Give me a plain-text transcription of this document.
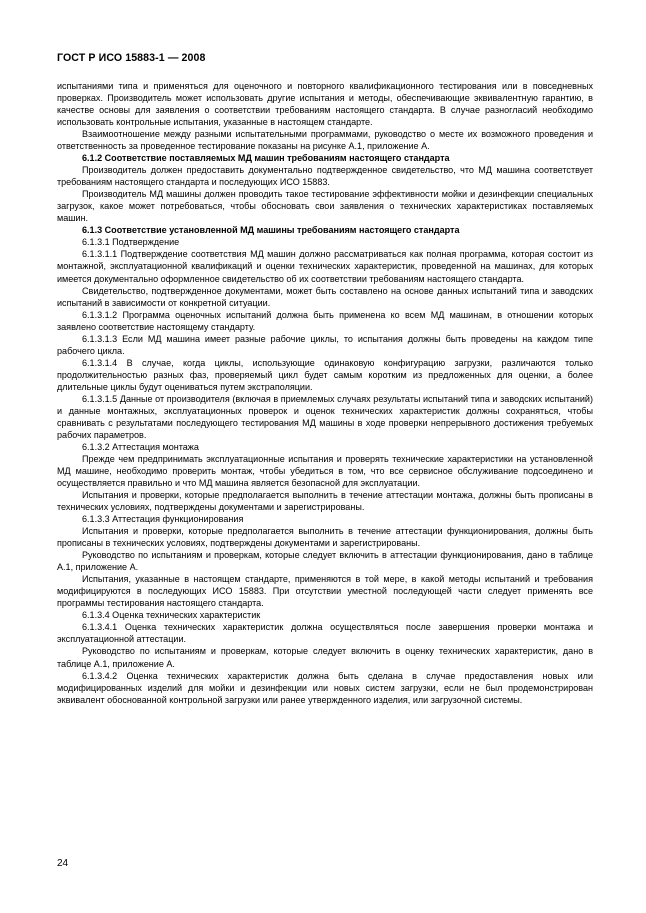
ГОСТ Р ИСО 15883-1 — 2008

испытаниями типа и применяться для оценочного и повторного квалификационного тестирования или в повседневных проверках. Производитель может использовать другие испытания и методы, обеспечивающие эквивалентную гарантию, в качестве основы для заявления о соответствии требованиям настоящего стандарта. В случае разногласий необходимо использовать контрольные испытания, указанные в настоящем стандарте.

Взаимоотношение между разными испытательными программами, руководство о месте их возможного проведения и ответственность за проведенное тестирование показаны на рисунке А.1, приложение А.

6.1.2 Соответствие поставляемых МД машин требованиям настоящего стандарта

Производитель должен предоставить документально подтвержденное свидетельство, что МД машина соответствует требованиям настоящего стандарта и последующих ИСО 15883.

Производитель МД машины должен проводить такое тестирование эффективности мойки и дезинфекции специальных загрузок, какое может потребоваться, чтобы обосновать свои заявления о технических характеристиках поставляемых машин.

6.1.3 Соответствие установленной МД машины требованиям настоящего стандарта

6.1.3.1 Подтверждение

6.1.3.1.1 Подтверждение соответствия МД машин должно рассматриваться как полная программа, которая состоит из монтажной, эксплуатационной квалификаций и оценки технических характеристик, проведенной на машинах, для которых имеется документально оформленное свидетельство об их соответствии требованиям настоящего стандарта.

Свидетельство, подтвержденное документами, может быть составлено на основе данных испытаний типа и заводских испытаний в зависимости от конкретной ситуации.

6.1.3.1.2 Программа оценочных испытаний должна быть применена ко всем МД машинам, в отношении которых заявлено соответствие настоящему стандарту.

6.1.3.1.3 Если МД машина имеет разные рабочие циклы, то испытания должны быть проведены на каждом типе рабочего цикла.

6.1.3.1.4 В случае, когда циклы, использующие одинаковую конфигурацию загрузки, различаются только продолжительностью разных фаз, проверяемый цикл будет самым коротким из предложенных для оценки, а более длительные циклы будут оцениваться путем экстраполяции.

6.1.3.1.5 Данные от производителя (включая в приемлемых случаях результаты испытаний типа и заводских испытаний) и данные монтажных, эксплуатационных проверок и оценок технических характеристик должны сохраняться, чтобы сравнивать с результатами последующего тестирования МД машины в ходе проверки непрерывного достижения требуемых рабочих параметров.

6.1.3.2 Аттестация монтажа

Прежде чем предпринимать эксплуатационные испытания и проверять технические характеристики на установленной МД машине, необходимо проверить монтаж, чтобы убедиться в том, что все сервисное обслуживание подсоединено и осуществляется правильно и что МД машина является безопасной для эксплуатации.

Испытания и проверки, которые предполагается выполнить в течение аттестации монтажа, должны быть прописаны в технических условиях, подтверждены документами и зарегистрированы.

6.1.3.3 Аттестация функционирования

Испытания и проверки, которые предполагается выполнить в течение аттестации функционирования, должны быть прописаны в технических условиях, подтверждены документами и зарегистрированы.

Руководство по испытаниям и проверкам, которые следует включить в аттестации функционирования, дано в таблице А.1, приложение А.

Испытания, указанные в настоящем стандарте, применяются в той мере, в какой методы испытаний и требования модифицируются в последующих ИСО 15883. При отсутствии уместной последующей части следует применять все программы тестирования настоящего стандарта.

6.1.3.4 Оценка технических характеристик

6.1.3.4.1 Оценка технических характеристик должна осуществляться после завершения проверки монтажа и эксплуатационной аттестации.

Руководство по испытаниям и проверкам, которые следует включить в оценку технических характеристик, дано в таблице А.1, приложение А.

6.1.3.4.2 Оценка технических характеристик должна быть сделана в случае предоставления новых или модифицированных изделий для мойки и дезинфекции или новых систем загрузки, если не был продемонстрирован эквивалент обоснованной контрольной загрузки или ранее утвержденного изделия, или загрузочной системы.

24
